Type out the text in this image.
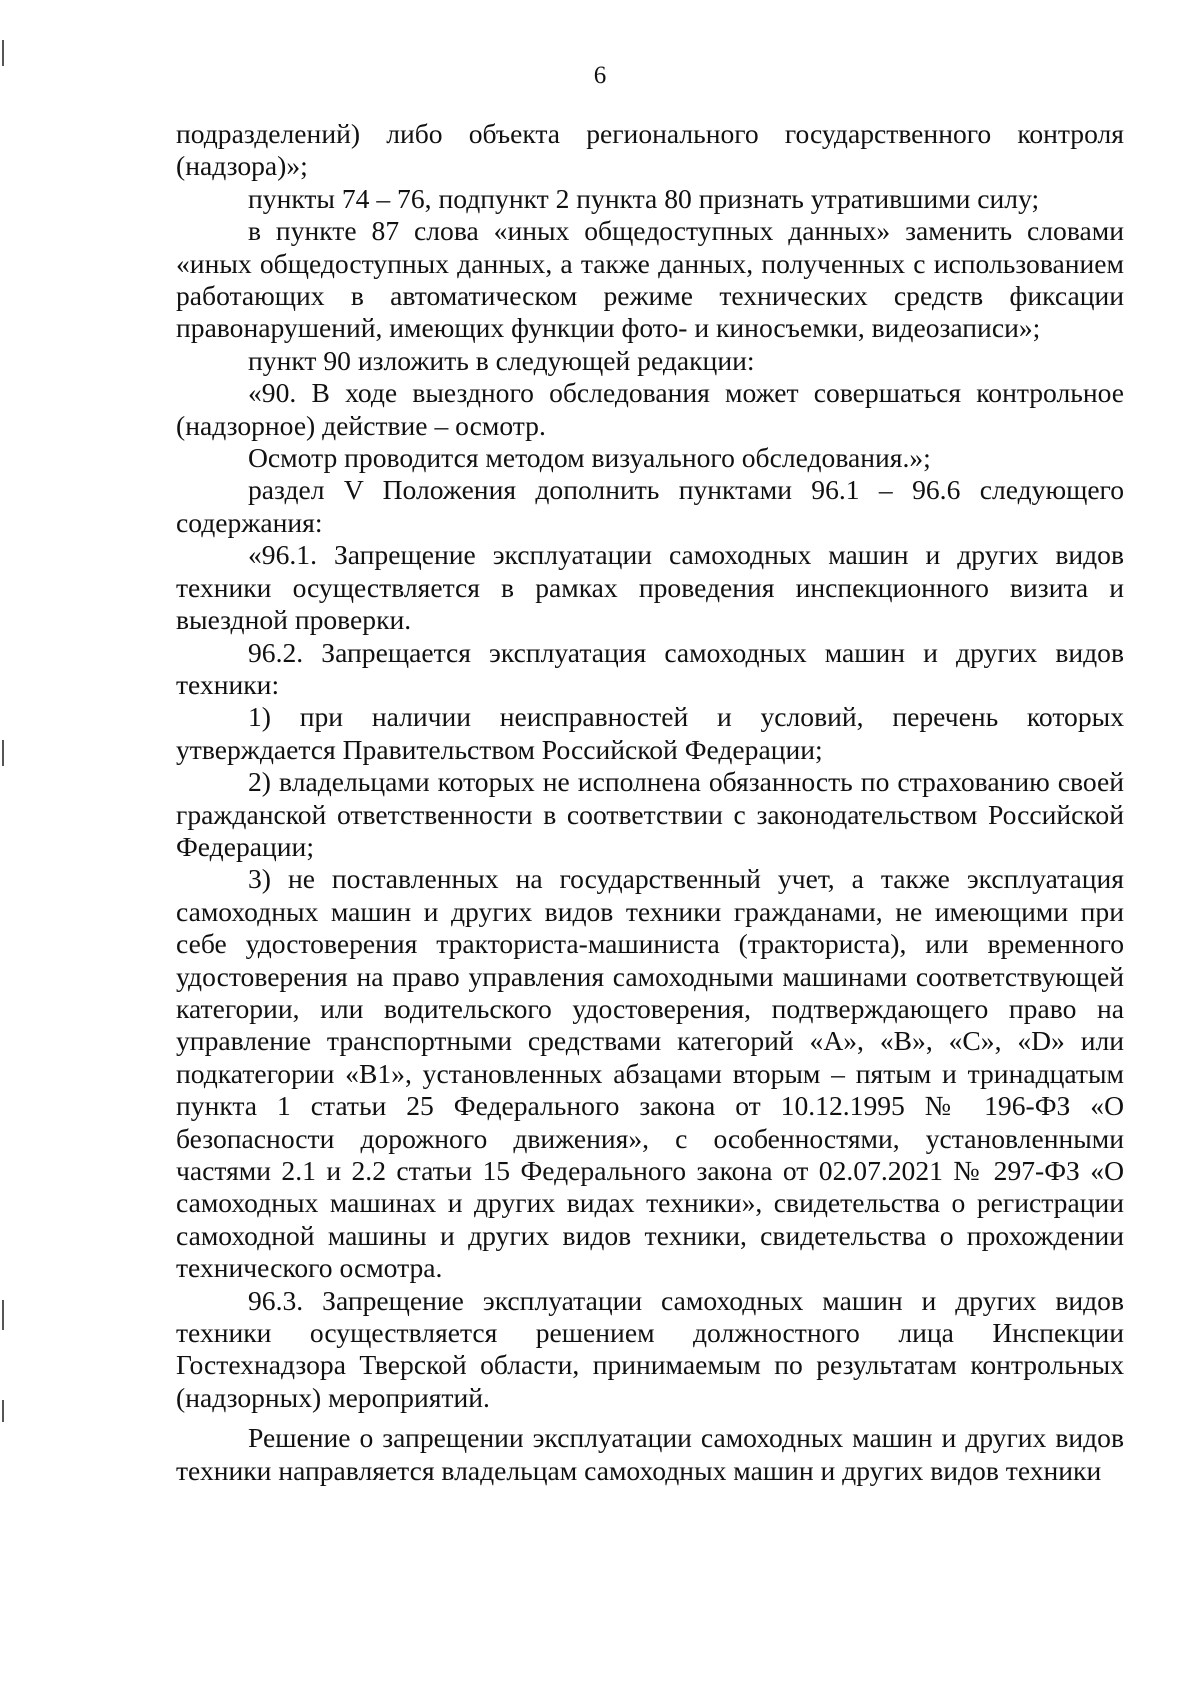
6

подразделений) либо объекта регионального государственного контроля (надзора)»;

пункты 74 – 76, подпункт 2 пункта 80 признать утратившими силу;

в пункте 87 слова «иных общедоступных данных» заменить словами «иных общедоступных данных, а также данных, полученных с использованием работающих в автоматическом режиме технических средств фиксации правонарушений, имеющих функции фото- и киносъемки, видеозаписи»;

пункт 90 изложить в следующей редакции:

«90. В ходе выездного обследования может совершаться контрольное (надзорное) действие – осмотр.

Осмотр проводится методом визуального обследования.»;

раздел V Положения дополнить пунктами 96.1 – 96.6 следующего содержания:

«96.1. Запрещение эксплуатации самоходных машин и других видов техники осуществляется в рамках проведения инспекционного визита и выездной проверки.

96.2. Запрещается эксплуатация самоходных машин и других видов техники:

1) при наличии неисправностей и условий, перечень которых утверждается Правительством Российской Федерации;

2) владельцами которых не исполнена обязанность по страхованию своей гражданской ответственности в соответствии с законодательством Российской Федерации;

3) не поставленных на государственный учет, а также эксплуатация самоходных машин и других видов техники гражданами, не имеющими при себе удостоверения тракториста-машиниста (тракториста), или временного удостоверения на право управления самоходными машинами соответствующей категории, или водительского удостоверения, подтверждающего право на управление транспортными средствами категорий «A», «B», «C», «D» или подкатегории «B1», установленных абзацами вторым – пятым и тринадцатым пункта 1 статьи 25 Федерального закона от 10.12.1995 № 196-ФЗ «О безопасности дорожного движения», с особенностями, установленными частями 2.1 и 2.2 статьи 15 Федерального закона от 02.07.2021 № 297-ФЗ «О самоходных машинах и других видах техники», свидетельства о регистрации самоходной машины и других видов техники, свидетельства о прохождении технического осмотра.

96.3. Запрещение эксплуатации самоходных машин и других видов техники осуществляется решением должностного лица Инспекции Гостехнадзора Тверской области, принимаемым по результатам контрольных (надзорных) мероприятий.

Решение о запрещении эксплуатации самоходных машин и других видов техники направляется владельцам самоходных машин и других видов техники
